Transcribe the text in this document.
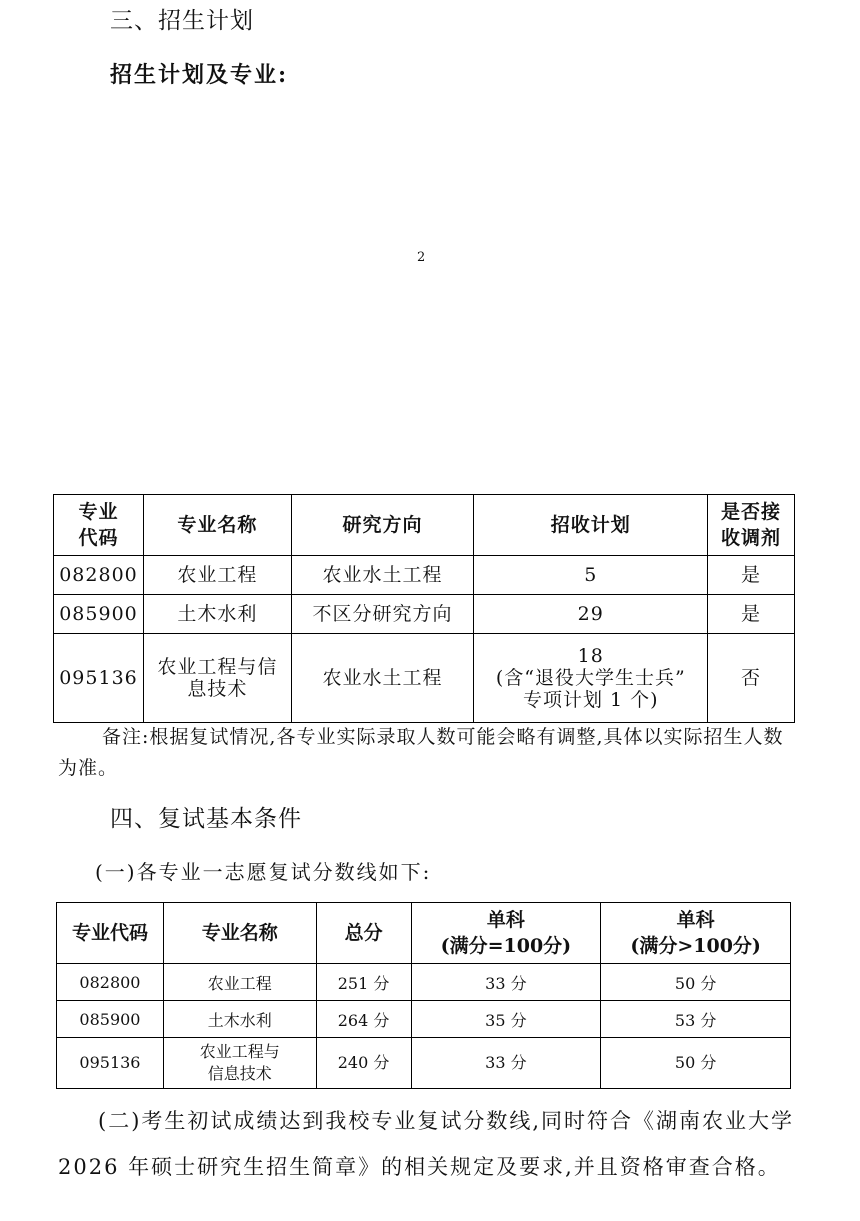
三、招生计划
招生计划及专业:
2
专业
代码	专业名称	研究方向	招收计划	是否接
收调剂
082800	农业工程	农业水土工程	5	是
085900	土木水利	不区分研究方向	29	是
095136	农业工程与信
息技术	农业水土工程	18
(含“退役大学生士兵”
专项计划 1 个)	否
备注:根据复试情况,各专业实际录取人数可能会略有调整,具体以实际招生人数为准。
四、复试基本条件
(一)各专业一志愿复试分数线如下:
专业代码	专业名称	总分	单科
(满分=100分)	单科
(满分>100分)
082800	农业工程	251 分	33 分	50 分
085900	土木水利	264 分	35 分	53 分
095136	农业工程与
信息技术	240 分	33 分	50 分
(二)考生初试成绩达到我校专业复试分数线,同时符合《湖南农业大学 2026 年硕士研究生招生简章》的相关规定及要求,并且资格审查合格。
